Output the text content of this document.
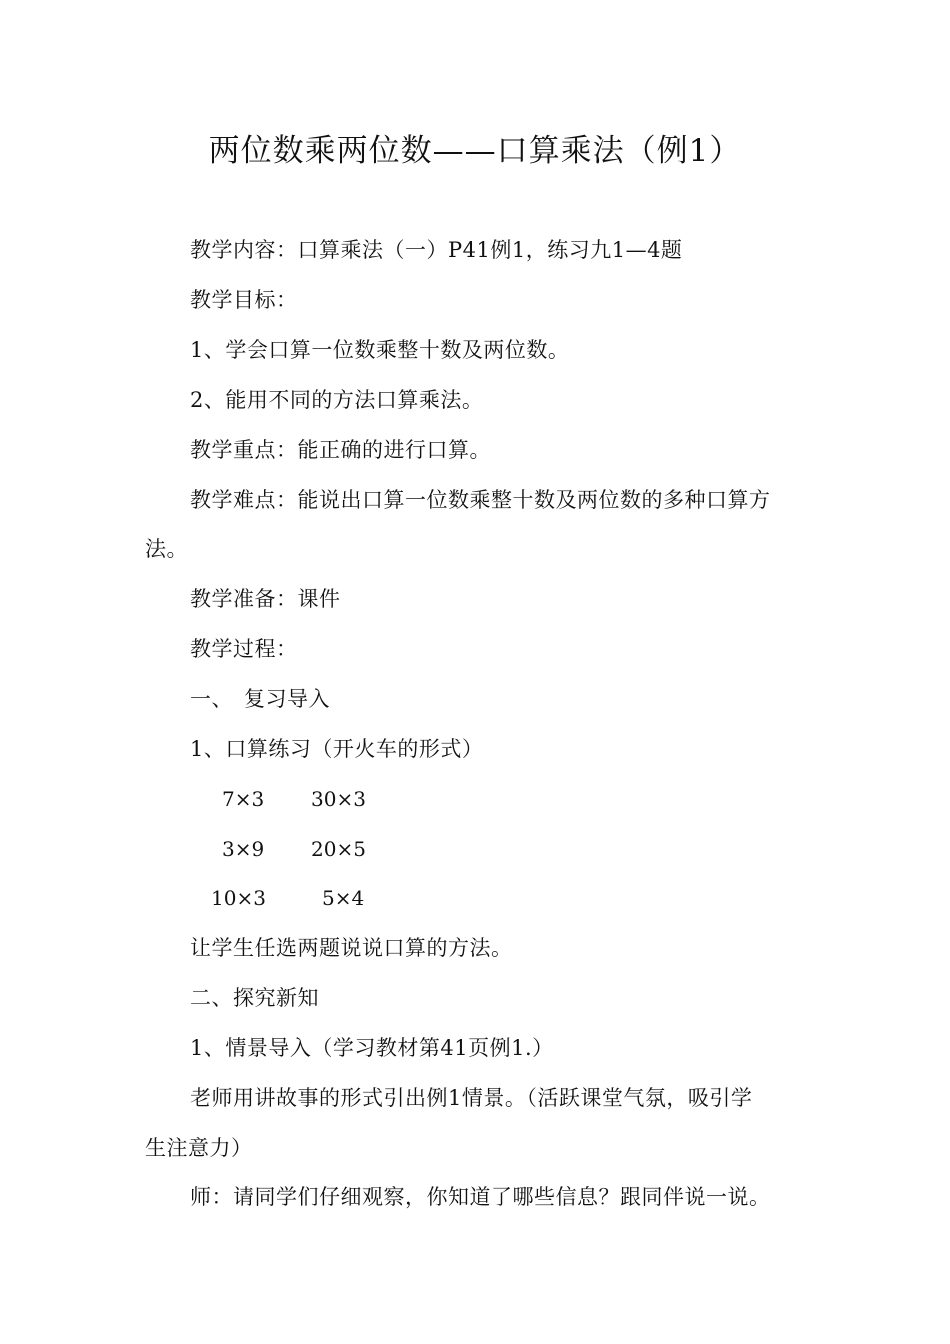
两位数乘两位数——口算乘法（例1）
教学内容：口算乘法（一）P41例1，练习九1—4题
教学目标：
1、学会口算一位数乘整十数及两位数。
2、能用不同的方法口算乘法。
教学重点：能正确的进行口算。
教学难点：能说出口算一位数乘整十数及两位数的多种口算方
法。
教学准备：课件
教学过程：
一、　复习导入
1、口算练习（开火车的形式）
7×3 30×3
3×9 20×5
10×3	5×4
让学生任选两题说说口算的方法。
二、探究新知
1、情景导入（学习教材第41页例1.）
老师用讲故事的形式引出例1情景。（活跃课堂气氛，吸引学
生注意力）
师：请同学们仔细观察，你知道了哪些信息？跟同伴说一说。
